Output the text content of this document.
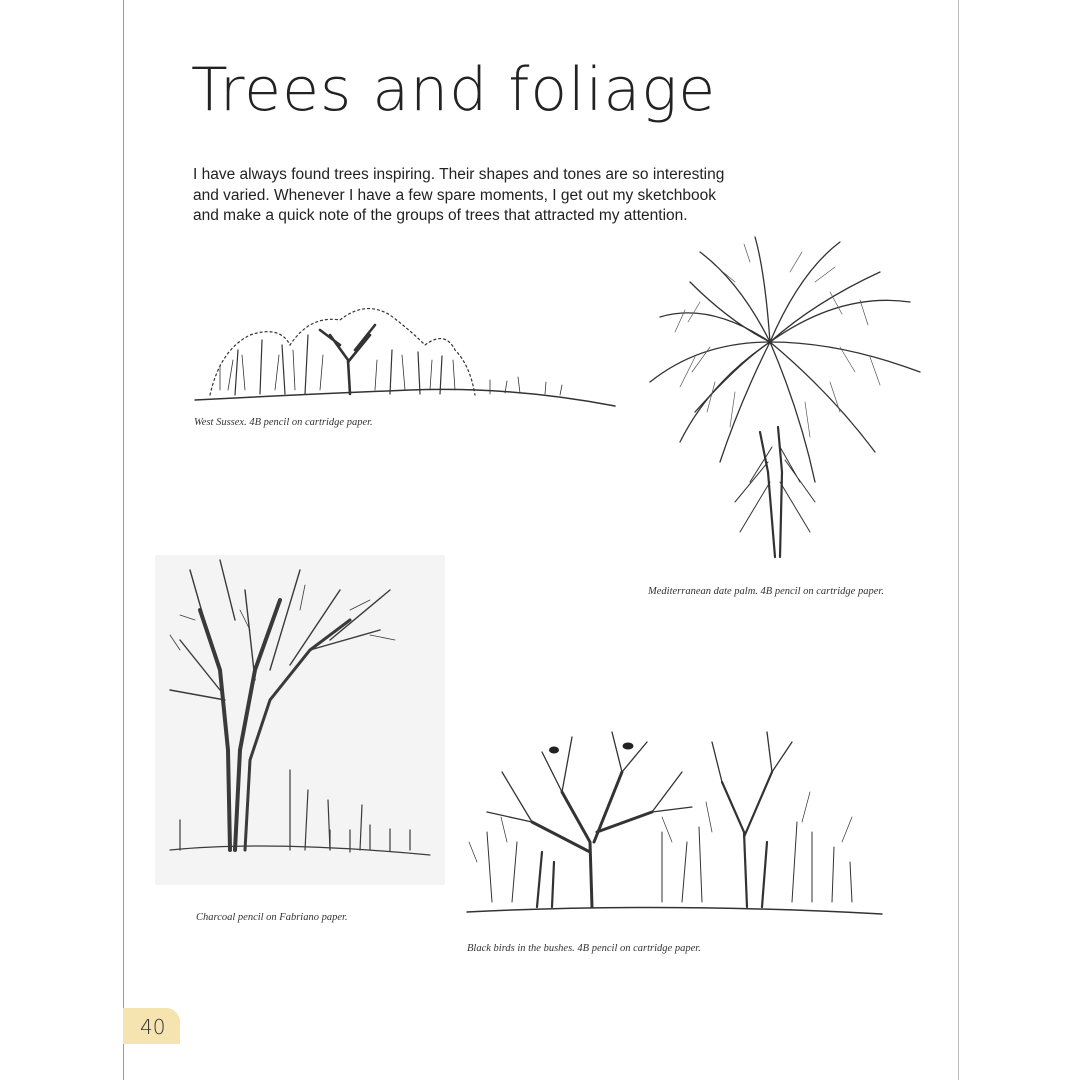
Trees and foliage

I have always found trees inspiring. Their shapes and tones are so interesting and varied. Whenever I have a few spare moments, I get out my sketchbook and make a quick note of the groups of trees that attracted my attention.

West Sussex. 4B pencil on cartridge paper.

Mediterranean date palm. 4B pencil on cartridge paper.

Charcoal pencil on Fabriano paper.

Black birds in the bushes. 4B pencil on cartridge paper.

40
